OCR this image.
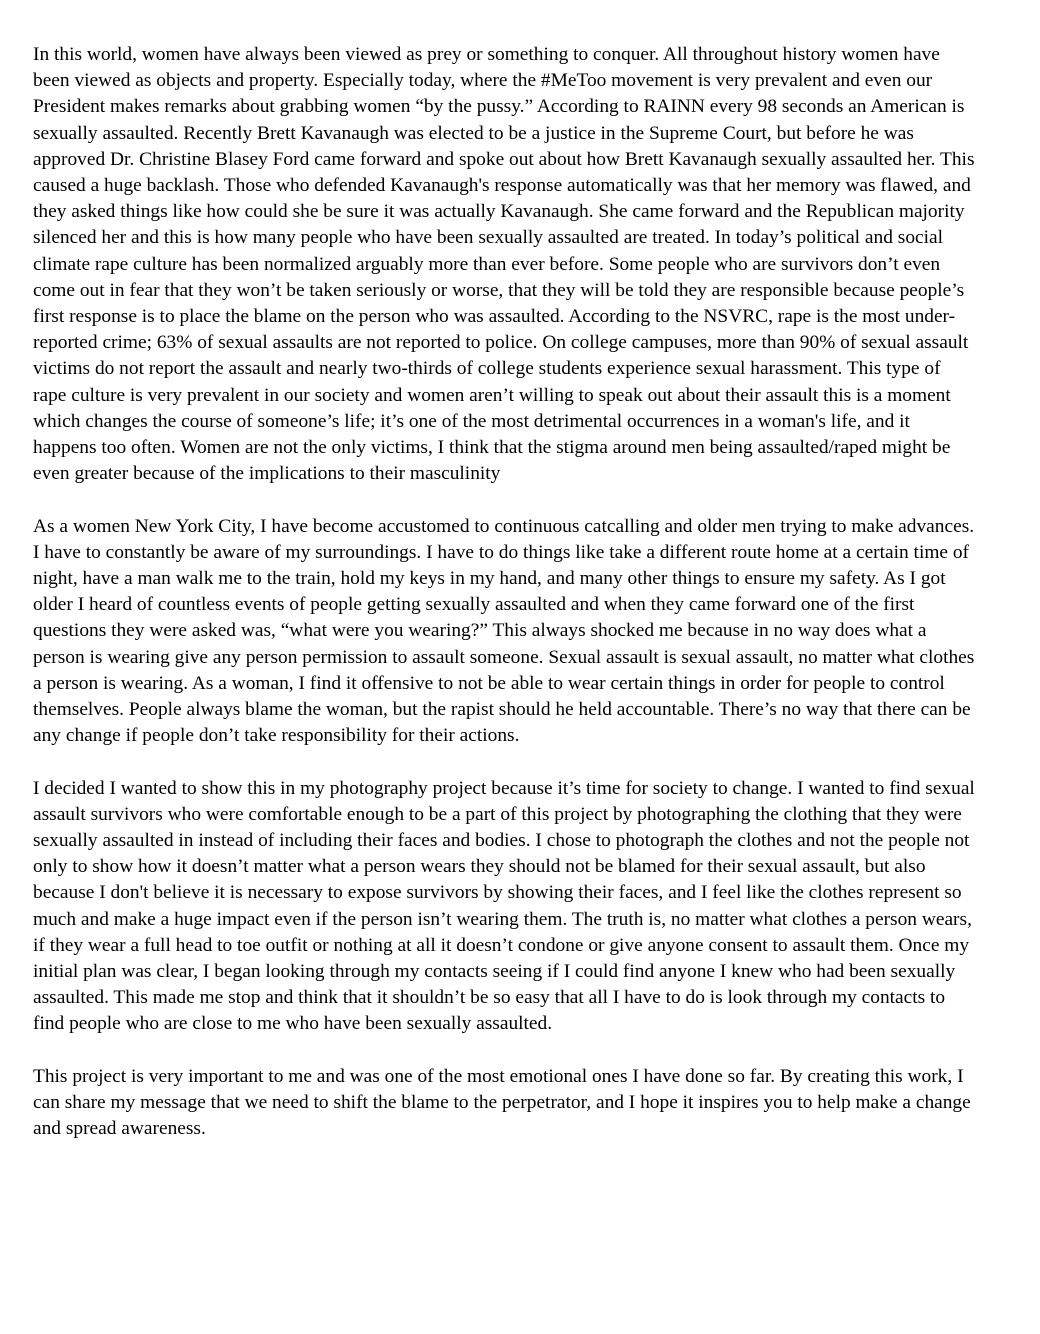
In this world, women have always been viewed as prey or something to conquer. All throughout history women have been viewed as objects and property. Especially today, where the #MeToo movement is very prevalent and even our President makes remarks about grabbing women “by the pussy.” According to RAINN every 98 seconds an American is sexually assaulted. Recently Brett Kavanaugh was elected to be a justice in the Supreme Court, but before he was approved Dr. Christine Blasey Ford came forward and spoke out about how Brett Kavanaugh sexually assaulted her. This caused a huge backlash. Those who defended Kavanaugh's response automatically was that her memory was flawed, and they asked things like how could she be sure it was actually Kavanaugh. She came forward and the Republican majority silenced her and this is how many people who have been sexually assaulted are treated. In today’s political and social climate rape culture has been normalized arguably more than ever before. Some people who are survivors don’t even come out in fear that they won’t be taken seriously or worse, that they will be told they are responsible because people’s first response is to place the blame on the person who was assaulted. According to the NSVRC, rape is the most under-reported crime; 63% of sexual assaults are not reported to police. On college campuses, more than 90% of sexual assault victims do not report the assault and nearly two-thirds of college students experience sexual harassment. This type of rape culture is very prevalent in our society and women aren’t willing to speak out about their assault this is a moment which changes the course of someone’s life; it’s one of the most detrimental occurrences in a woman's life, and it happens too often. Women are not the only victims, I think that the stigma around men being assaulted/raped might be even greater because of the implications to their masculinity

As a women New York City, I have become accustomed to continuous catcalling and older men trying to make advances. I have to constantly be aware of my surroundings. I have to do things like take a different route home at a certain time of night, have a man walk me to the train, hold my keys in my hand, and many other things to ensure my safety. As I got older I heard of countless events of people getting sexually assaulted and when they came forward one of the first questions they were asked was, “what were you wearing?” This always shocked me because in no way does what a person is wearing give any person permission to assault someone. Sexual assault is sexual assault, no matter what clothes a person is wearing. As a woman, I find it offensive to not be able to wear certain things in order for people to control themselves. People always blame the woman, but the rapist should he held accountable. There’s no way that there can be any change if people don’t take responsibility for their actions.

I decided I wanted to show this in my photography project because it’s time for society to change. I wanted to find sexual assault survivors who were comfortable enough to be a part of this project by photographing the clothing that they were sexually assaulted in instead of including their faces and bodies. I chose to photograph the clothes and not the people not only to show how it doesn’t matter what a person wears they should not be blamed for their sexual assault, but also because I don't believe it is necessary to expose survivors by showing their faces, and I feel like the clothes represent so much and make a huge impact even if the person isn’t wearing them. The truth is, no matter what clothes a person wears, if they wear a full head to toe outfit or nothing at all it doesn’t condone or give anyone consent to assault them. Once my initial plan was clear, I began looking through my contacts seeing if I could find anyone I knew who had been sexually assaulted. This made me stop and think that it shouldn’t be so easy that all I have to do is look through my contacts to find people who are close to me who have been sexually assaulted.

This project is very important to me and was one of the most emotional ones I have done so far. By creating this work, I can share my message that we need to shift the blame to the perpetrator, and I hope it inspires you to help make a change and spread awareness.
